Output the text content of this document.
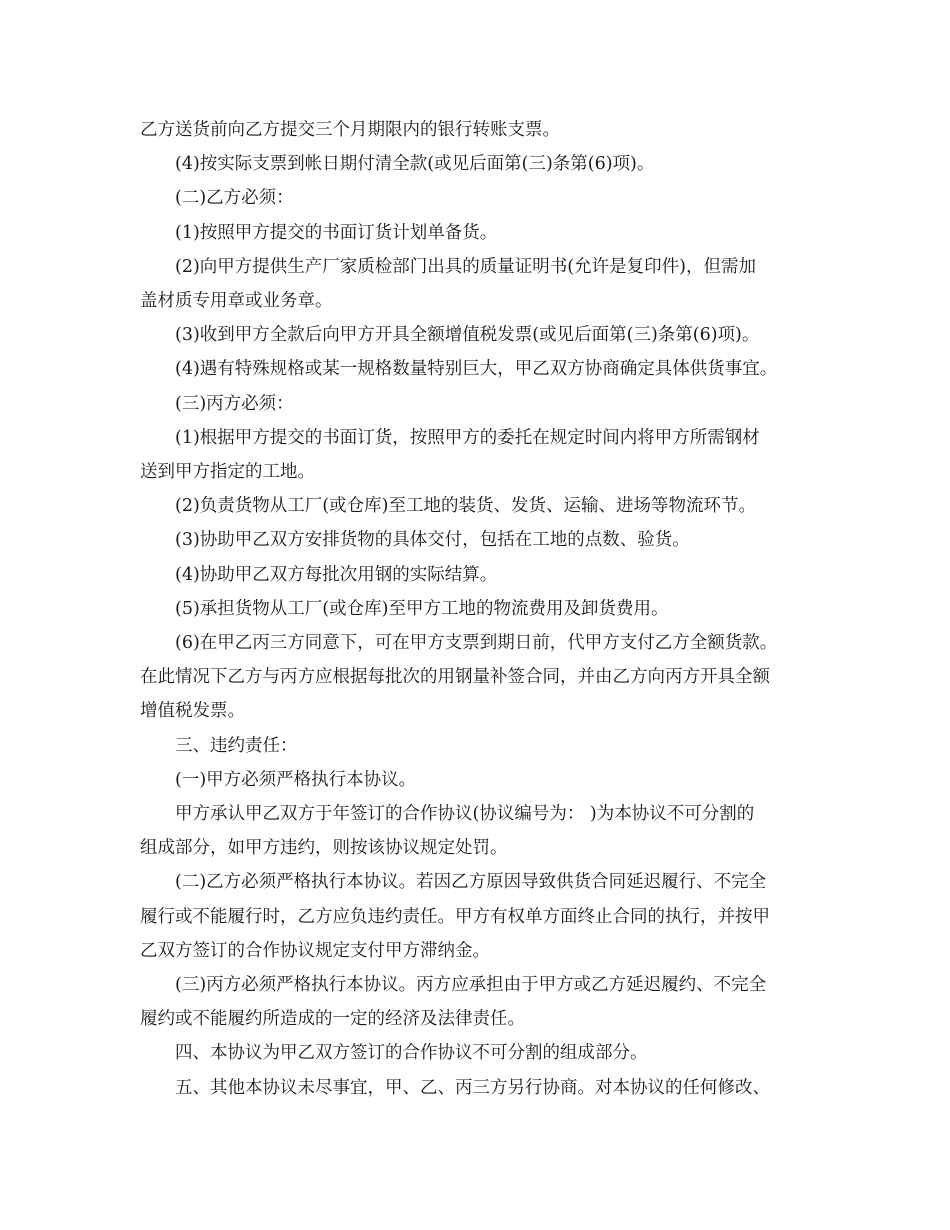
乙方送货前向乙方提交三个月期限内的银行转账支票。

(4)按实际支票到帐日期付清全款(或见后面第(三)条第(6)项)。

(二)乙方必须：

(1)按照甲方提交的书面订货计划单备货。

(2)向甲方提供生产厂家质检部门出具的质量证明书(允许是复印件)，但需加

盖材质专用章或业务章。

(3)收到甲方全款后向甲方开具全额增值税发票(或见后面第(三)条第(6)项)。

(4)遇有特殊规格或某一规格数量特别巨大，甲乙双方协商确定具体供货事宜。

(三)丙方必须：

(1)根据甲方提交的书面订货，按照甲方的委托在规定时间内将甲方所需钢材

送到甲方指定的工地。

(2)负责货物从工厂(或仓库)至工地的装货、发货、运输、进场等物流环节。

(3)协助甲乙双方安排货物的具体交付，包括在工地的点数、验货。

(4)协助甲乙双方每批次用钢的实际结算。

(5)承担货物从工厂(或仓库)至甲方工地的物流费用及卸货费用。

(6)在甲乙丙三方同意下，可在甲方支票到期日前，代甲方支付乙方全额货款。

在此情况下乙方与丙方应根据每批次的用钢量补签合同，并由乙方向丙方开具全额

增值税发票。

三、违约责任：

(一)甲方必须严格执行本协议。

甲方承认甲乙双方于年签订的合作协议(协议编号为： )为本协议不可分割的

组成部分，如甲方违约，则按该协议规定处罚。

(二)乙方必须严格执行本协议。若因乙方原因导致供货合同延迟履行、不完全

履行或不能履行时，乙方应负违约责任。甲方有权单方面终止合同的执行，并按甲

乙双方签订的合作协议规定支付甲方滞纳金。

(三)丙方必须严格执行本协议。丙方应承担由于甲方或乙方延迟履约、不完全

履约或不能履约所造成的一定的经济及法律责任。

四、本协议为甲乙双方签订的合作协议不可分割的组成部分。

五、其他本协议未尽事宜，甲、乙、丙三方另行协商。对本协议的任何修改、
